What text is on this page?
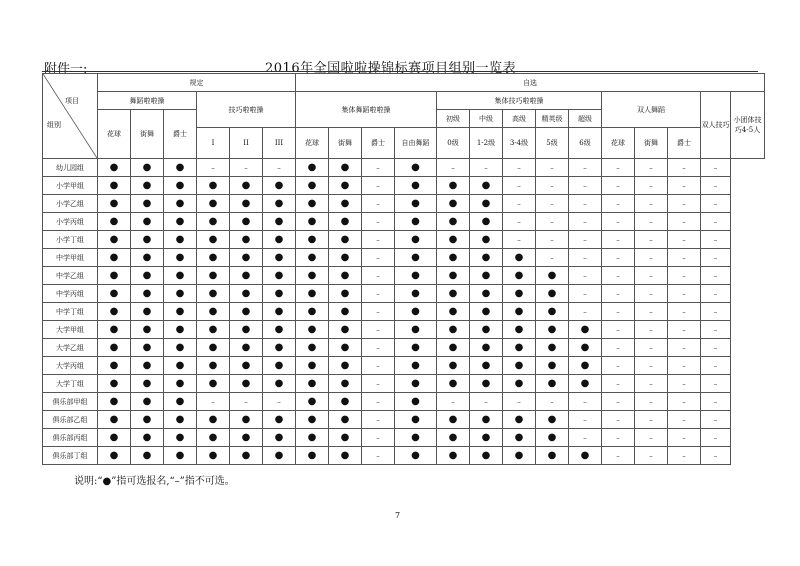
附件一:	2016年全国啦啦操锦标赛项目组别一览表
项目
组别	规定						自选													
	舞蹈啦啦操			技巧啦啦操			集体舞蹈啦啦操				集体技巧啦啦操					双人舞蹈			双人技巧	小团体技巧4-5人
	花球	街舞	爵士								初级	中级	高级	精英级	超级					
				I	II	III	花球	街舞	爵士	自由舞蹈	0级	1-2级	3-4级	5级	6级	花球	街舞	爵士		
幼儿园组	●	●	●	–	–	–	●	●	–	●	–	–	–	–	–	–	–	–	–	
小学甲组	●	●	●	●	●	●	●	●	–	●	●	●	–	–	–	–	–	–	–	
小学乙组	●	●	●	●	●	●	●	●	–	●	●	●	–	–	–	–	–	–	–	
小学丙组	●	●	●	●	●	●	●	●	–	●	●	●	–	–	–	–	–	–	–	
小学丁组	●	●	●	●	●	●	●	●	–	●	●	●	–	–	–	–	–	–	–	
中学甲组	●	●	●	●	●	●	●	●	–	●	●	●	●	–	–	–	–	–	–	
中学乙组	●	●	●	●	●	●	●	●	–	●	●	●	●	●	–	–	–	–	–	
中学丙组	●	●	●	●	●	●	●	●	–	●	●	●	●	●	–	–	–	–	–	
中学丁组	●	●	●	●	●	●	●	●	–	●	●	●	●	●	–	–	–	–	–	
大学甲组	●	●	●	●	●	●	●	●	–	●	●	●	●	●	●	–	–	–	–	
大学乙组	●	●	●	●	●	●	●	●	–	●	●	●	●	●	●	–	–	–	–	
大学丙组	●	●	●	●	●	●	●	●	–	●	●	●	●	●	●	–	–	–	–	
大学丁组	●	●	●	●	●	●	●	●	–	●	●	●	●	●	●	–	–	–	–	
俱乐部甲组	●	●	●	–	–	–	●	●	–	●	–	–	–	–	–	–	–	–	–	
俱乐部乙组	●	●	●	●	●	●	●	●	–	●	●	●	●	●	–	–	–	–	–	
俱乐部丙组	●	●	●	●	●	●	●	●	–	●	●	●	●	●	–	–	–	–	–	
俱乐部丁组	●	●	●	●	●	●	●	●	–	●	●	●	●	●	●	–	–	–	–	
说明:“●”指可选报名,“–”指不可选。
7
